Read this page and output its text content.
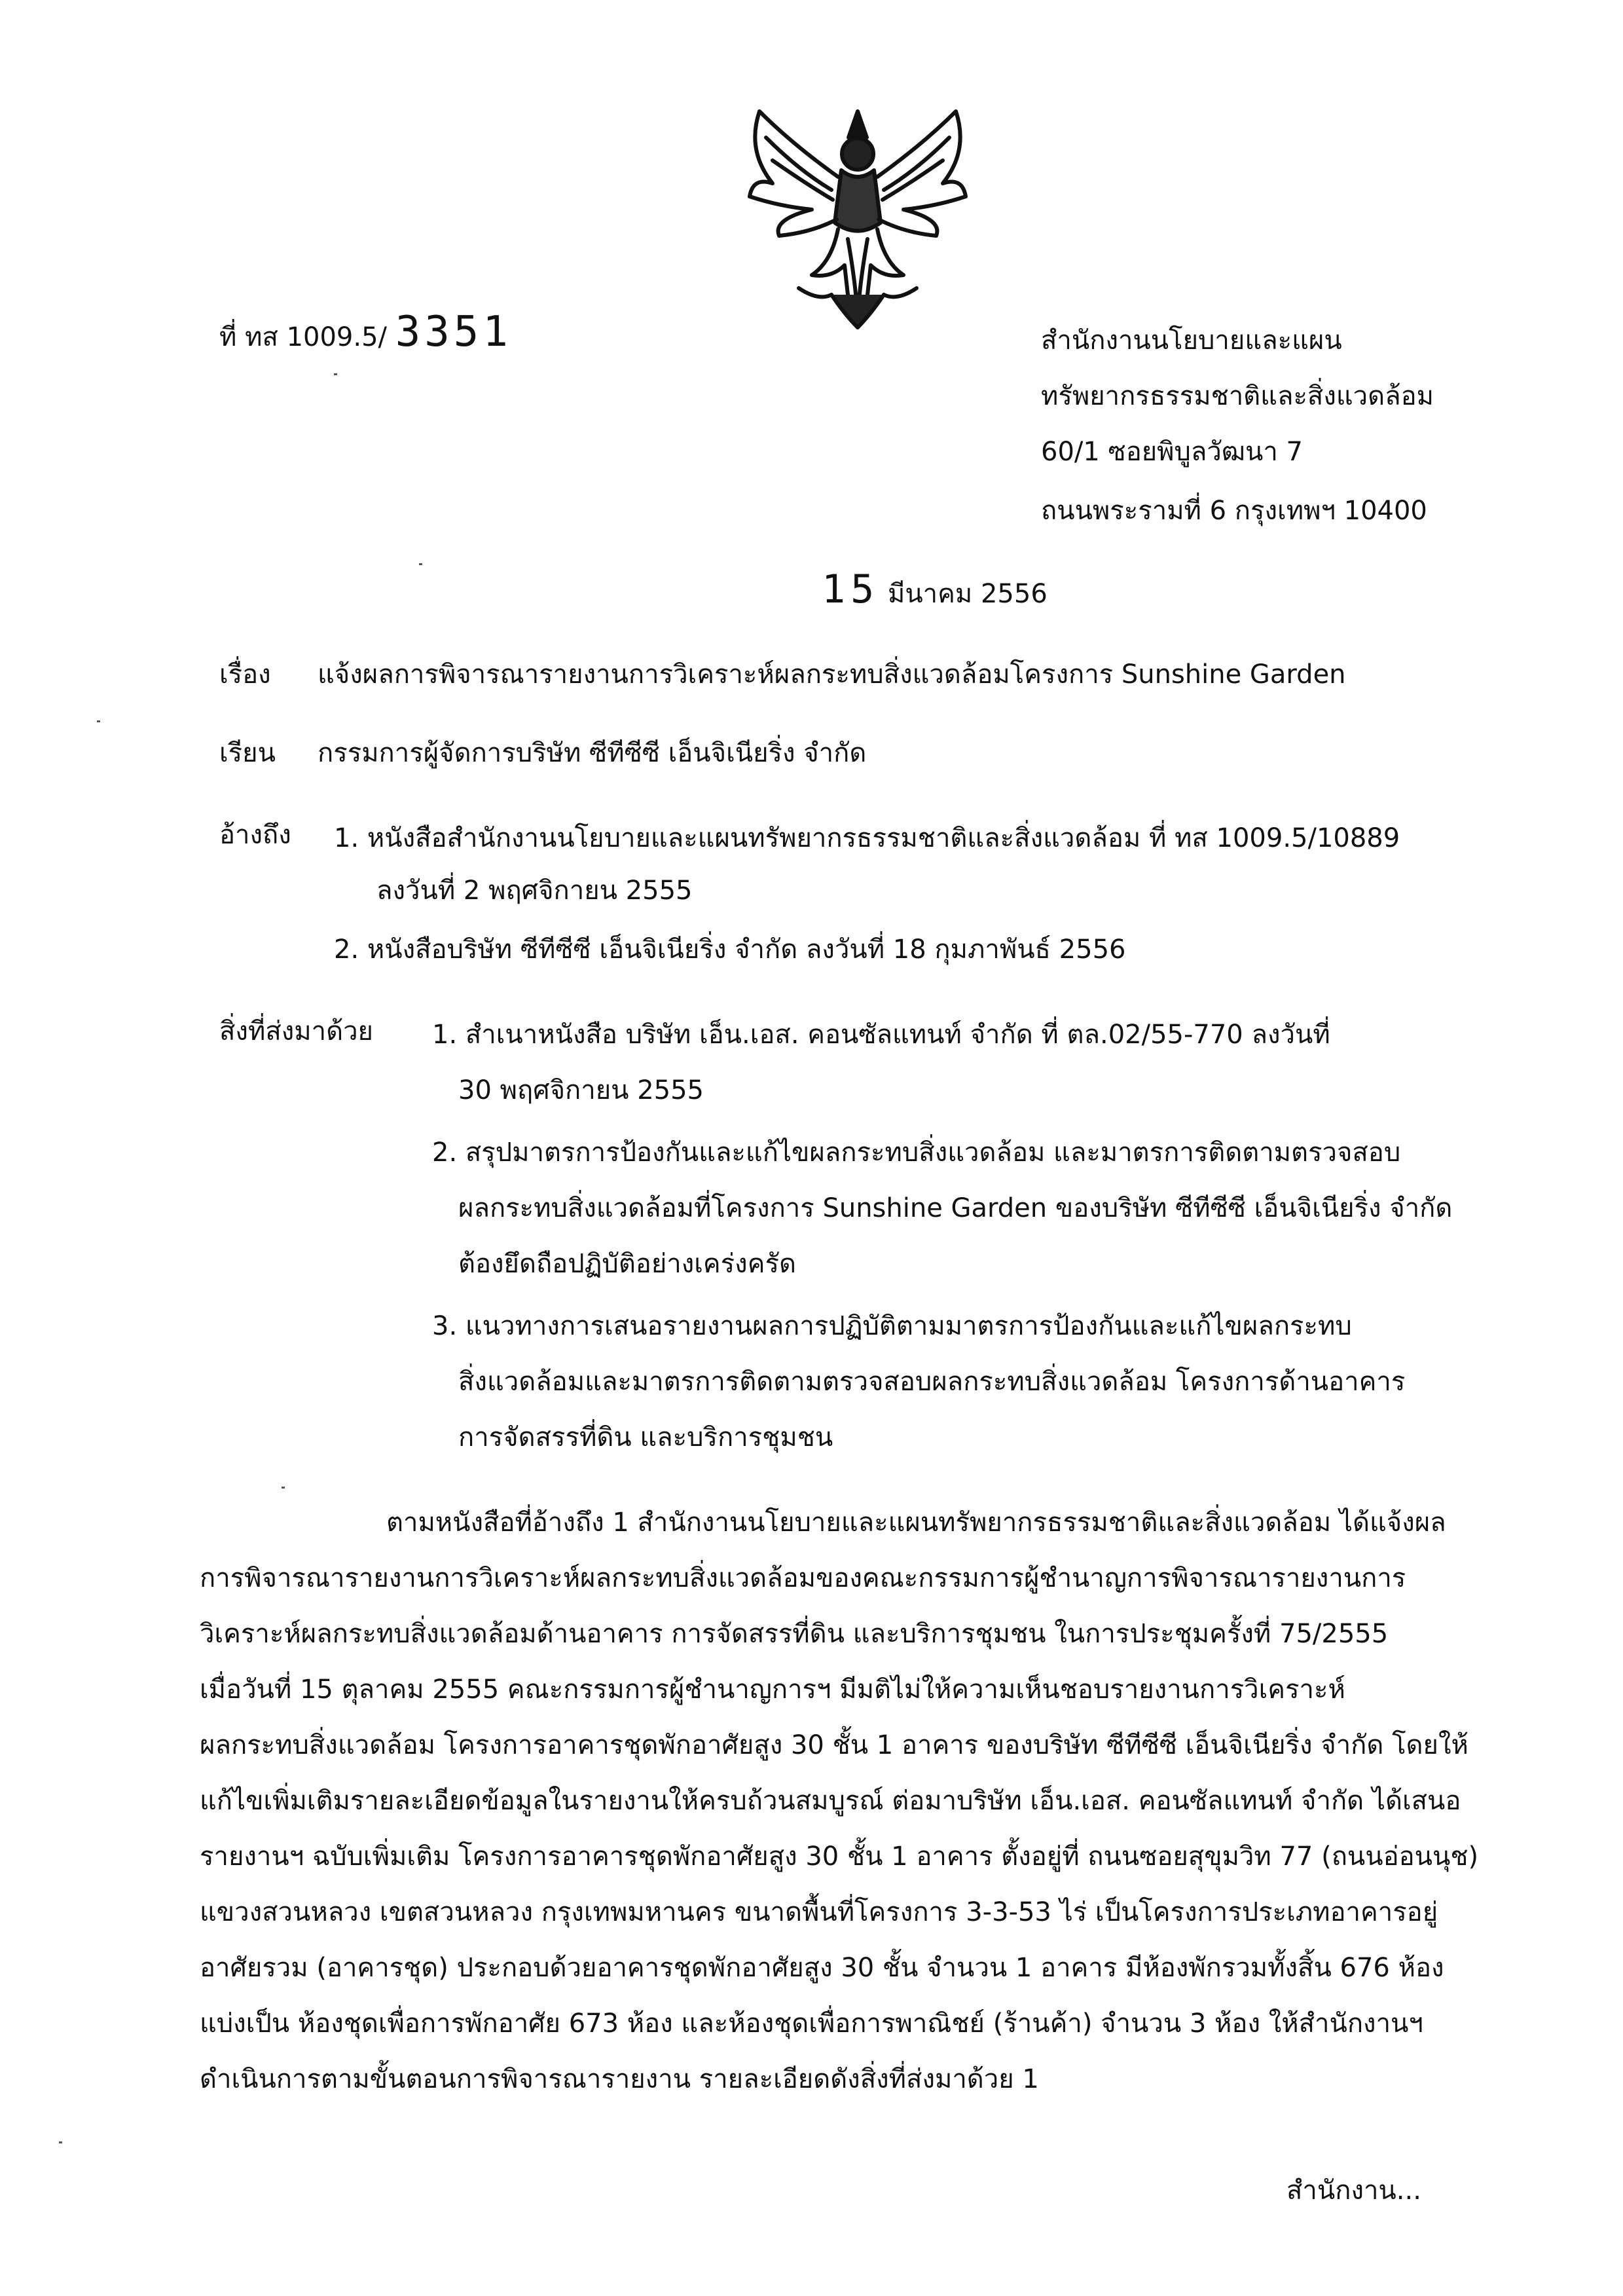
ที่ ทส 1009.5/ 3351	สำนักงานนโยบายและแผน
ทรัพยากรธรรมชาติและสิ่งแวดล้อม
60/1 ซอยพิบูลวัฒนา 7
ถนนพระรามที่ 6 กรุงเทพฯ 10400
15 มีนาคม 2556
เรื่อง แจ้งผลการพิจารณารายงานการวิเคราะห์ผลกระทบสิ่งแวดล้อมโครงการ Sunshine Garden
เรียน กรรมการผู้จัดการบริษัท ซีทีซีซี เอ็นจิเนียริ่ง จำกัด
อ้างถึง 1. หนังสือสำนักงานนโยบายและแผนทรัพยากรธรรมชาติและสิ่งแวดล้อม ที่ ทส 1009.5/10889
ลงวันที่ 2 พฤศจิกายน 2555
2. หนังสือบริษัท ซีทีซีซี เอ็นจิเนียริ่ง จำกัด ลงวันที่ 18 กุมภาพันธ์ 2556
สิ่งที่ส่งมาด้วย 1. สำเนาหนังสือ บริษัท เอ็น.เอส. คอนซัลแทนท์ จำกัด ที่ ตล.02/55-770 ลงวันที่
30 พฤศจิกายน 2555
2. สรุปมาตรการป้องกันและแก้ไขผลกระทบสิ่งแวดล้อม และมาตรการติดตามตรวจสอบ
ผลกระทบสิ่งแวดล้อมที่โครงการ Sunshine Garden ของบริษัท ซีทีซีซี เอ็นจิเนียริ่ง จำกัด
ต้องยึดถือปฏิบัติอย่างเคร่งครัด
3. แนวทางการเสนอรายงานผลการปฏิบัติตามมาตรการป้องกันและแก้ไขผลกระทบ
สิ่งแวดล้อมและมาตรการติดตามตรวจสอบผลกระทบสิ่งแวดล้อม โครงการด้านอาคาร
การจัดสรรที่ดิน และบริการชุมชน
ตามหนังสือที่อ้างถึง 1 สำนักงานนโยบายและแผนทรัพยากรธรรมชาติและสิ่งแวดล้อม ได้แจ้งผล
การพิจารณารายงานการวิเคราะห์ผลกระทบสิ่งแวดล้อมของคณะกรรมการผู้ชำนาญการพิจารณารายงานการ
วิเคราะห์ผลกระทบสิ่งแวดล้อมด้านอาคาร การจัดสรรที่ดิน และบริการชุมชน ในการประชุมครั้งที่ 75/2555
เมื่อวันที่ 15 ตุลาคม 2555 คณะกรรมการผู้ชำนาญการฯ มีมติไม่ให้ความเห็นชอบรายงานการวิเคราะห์
ผลกระทบสิ่งแวดล้อม โครงการอาคารชุดพักอาศัยสูง 30 ชั้น 1 อาคาร ของบริษัท ซีทีซีซี เอ็นจิเนียริ่ง จำกัด โดยให้
แก้ไขเพิ่มเติมรายละเอียดข้อมูลในรายงานให้ครบถ้วนสมบูรณ์ ต่อมาบริษัท เอ็น.เอส. คอนซัลแทนท์ จำกัด ได้เสนอ
รายงานฯ ฉบับเพิ่มเติม โครงการอาคารชุดพักอาศัยสูง 30 ชั้น 1 อาคาร ตั้งอยู่ที่ ถนนซอยสุขุมวิท 77 (ถนนอ่อนนุช)
แขวงสวนหลวง เขตสวนหลวง กรุงเทพมหานคร ขนาดพื้นที่โครงการ 3-3-53 ไร่ เป็นโครงการประเภทอาคารอยู่
อาศัยรวม (อาคารชุด) ประกอบด้วยอาคารชุดพักอาศัยสูง 30 ชั้น จำนวน 1 อาคาร มีห้องพักรวมทั้งสิ้น 676 ห้อง
แบ่งเป็น ห้องชุดเพื่อการพักอาศัย 673 ห้อง และห้องชุดเพื่อการพาณิชย์ (ร้านค้า) จำนวน 3 ห้อง ให้สำนักงานฯ
ดำเนินการตามขั้นตอนการพิจารณารายงาน รายละเอียดดังสิ่งที่ส่งมาด้วย 1
สำนักงาน...
